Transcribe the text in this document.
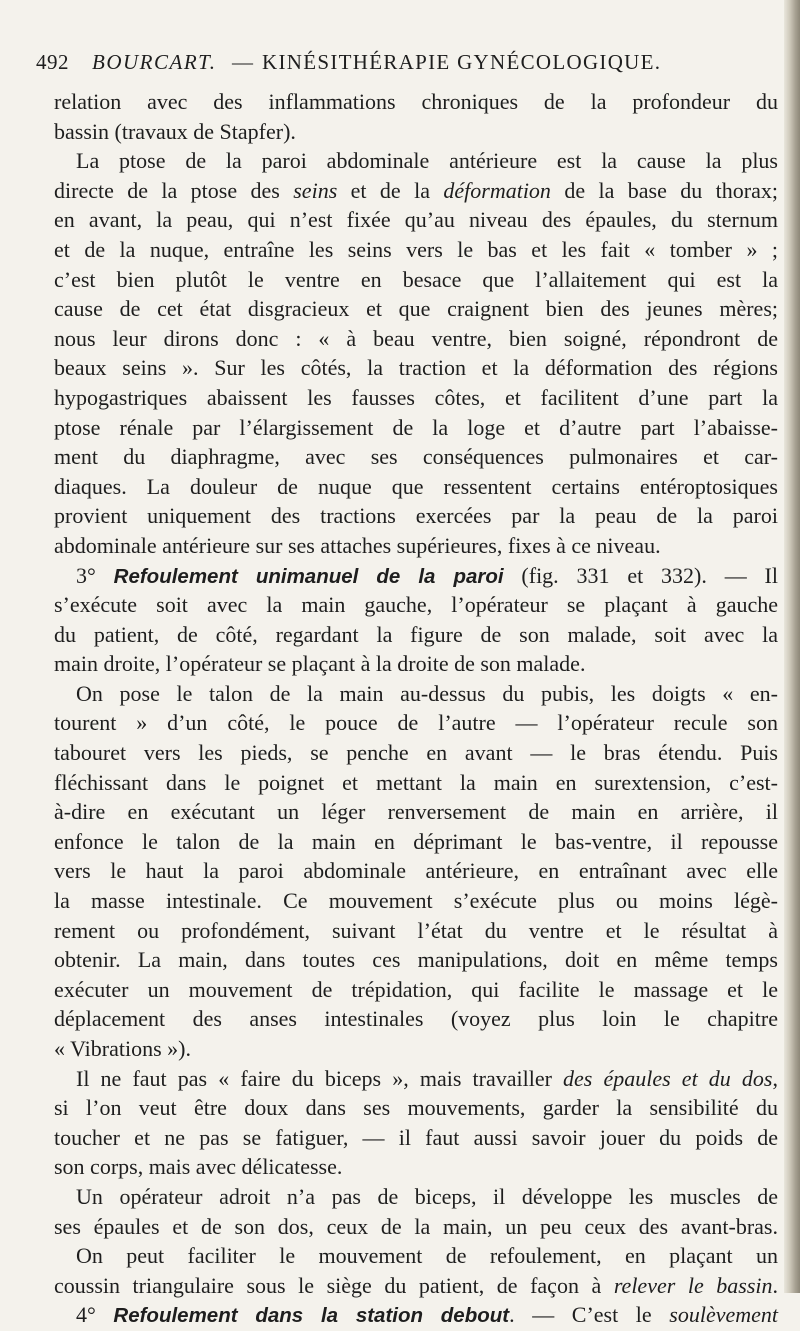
492 BOURCART. — KINÉSITHÉRAPIE GYNÉCOLOGIQUE.
relation avec des inflammations chroniques de la profondeur du
bassin (travaux de Stapfer).
La ptose de la paroi abdominale antérieure est la cause la plus
directe de la ptose des seins et de la déformation de la base du thorax;
en avant, la peau, qui n’est fixée qu’au niveau des épaules, du sternum
et de la nuque, entraîne les seins vers le bas et les fait « tomber » ;
c’est bien plutôt le ventre en besace que l’allaitement qui est la
cause de cet état disgracieux et que craignent bien des jeunes mères;
nous leur dirons donc : « à beau ventre, bien soigné, répondront de
beaux seins ». Sur les côtés, la traction et la déformation des régions
hypogastriques abaissent les fausses côtes, et facilitent d’une part la
ptose rénale par l’élargissement de la loge et d’autre part l’abaisse-
ment du diaphragme, avec ses conséquences pulmonaires et car-
diaques. La douleur de nuque que ressentent certains entéroptosiques
provient uniquement des tractions exercées par la peau de la paroi
abdominale antérieure sur ses attaches supérieures, fixes à ce niveau.
3° Refoulement unimanuel de la paroi (fig. 331 et 332). — Il
s’exécute soit avec la main gauche, l’opérateur se plaçant à gauche
du patient, de côté, regardant la figure de son malade, soit avec la
main droite, l’opérateur se plaçant à la droite de son malade.
On pose le talon de la main au-dessus du pubis, les doigts « en-
tourent » d’un côté, le pouce de l’autre — l’opérateur recule son
tabouret vers les pieds, se penche en avant — le bras étendu. Puis
fléchissant dans le poignet et mettant la main en surextension, c’est-
à-dire en exécutant un léger renversement de main en arrière, il
enfonce le talon de la main en déprimant le bas-ventre, il repousse
vers le haut la paroi abdominale antérieure, en entraînant avec elle
la masse intestinale. Ce mouvement s’exécute plus ou moins légè-
rement ou profondément, suivant l’état du ventre et le résultat à
obtenir. La main, dans toutes ces manipulations, doit en même temps
exécuter un mouvement de trépidation, qui facilite le massage et le
déplacement des anses intestinales (voyez plus loin le chapitre
« Vibrations »).
Il ne faut pas « faire du biceps », mais travailler des épaules et du dos,
si l’on veut être doux dans ses mouvements, garder la sensibilité du
toucher et ne pas se fatiguer, — il faut aussi savoir jouer du poids de
son corps, mais avec délicatesse.
Un opérateur adroit n’a pas de biceps, il développe les muscles de
ses épaules et de son dos, ceux de la main, un peu ceux des avant-bras.
On peut faciliter le mouvement de refoulement, en plaçant un
coussin triangulaire sous le siège du patient, de façon à relever le bassin.
4° Refoulement dans la station debout. — C’est le soulèvement
